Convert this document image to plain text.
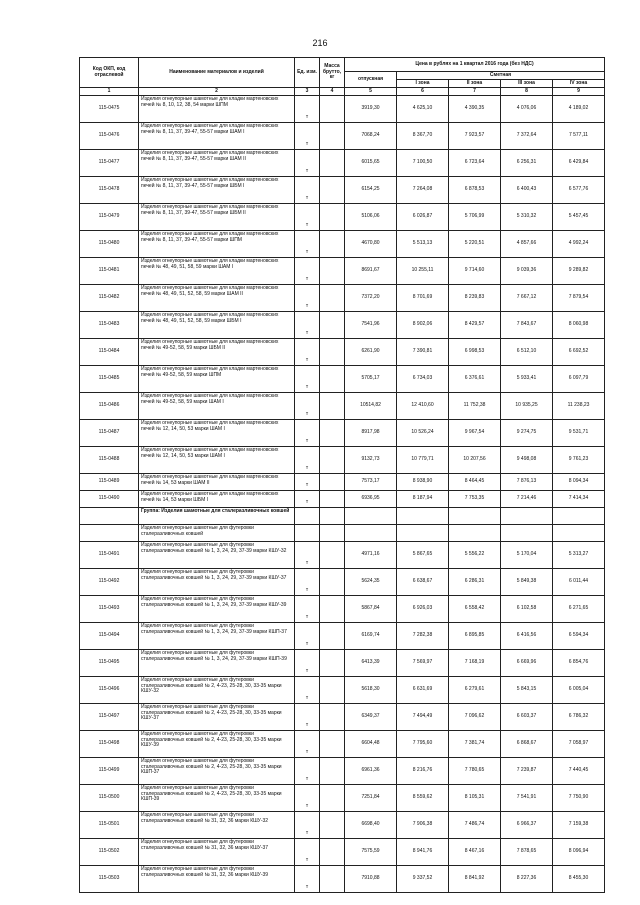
216
Код ОКП, код отраслевой	Наименование материалов и изделий	Ед. изм.	Масса брутто, кг	Цена в рублях на 1 квартал 2016 года (без НДС)				
				отпускная	Сметная			
					I зона	II зона	III зона	IV зона
1	2	3	4	5	6	7	8	9
115-0475	Изделия огнеупорные шамотные для кладки мартеновских печей № 8, 10, 12, 38, 54 марки ШПМ	т		3919,30	4 625,10	4 390,35	4 076,06	4 189,02
115-0476	Изделия огнеупорные шамотные для кладки мартеновских печей № 8, 11, 37, 39-47, 55-57 марки ШАМ I	т		7068,24	8 367,70	7 923,57	7 372,64	7 577,11
115-0477	Изделия огнеупорные шамотные для кладки мартеновских печей № 8, 11, 37, 39-47, 55-57 марки ШАМ II	т		6015,65	7 100,50	6 723,64	6 256,31	6 429,84
115-0478	Изделия огнеупорные шамотные для кладки мартеновских печей № 8, 11, 37, 39-47, 55-57 марки ШБМ I	т		6154,25	7 264,08	6 878,53	6 400,43	6 577,76
115-0479	Изделия огнеупорные шамотные для кладки мартеновских печей № 8, 11, 37, 39-47, 55-57 марки ШБМ II	т		5106,06	6 026,87	5 706,99	5 310,32	5 457,45
115-0480	Изделия огнеупорные шамотные для кладки мартеновских печей № 8, 11, 37, 39-47, 55-57 марки ШПМ	т		4670,80	5 513,13	5 220,51	4 857,66	4 992,24
115-0481	Изделия огнеупорные шамотные для кладки мартеновских печей № 48, 49, 51, 58, 59 марки ШАМ I	т		8691,67	10 255,11	9 714,60	9 039,36	9 289,82
115-0482	Изделия огнеупорные шамотные для кладки мартеновских печей № 48, 49, 51, 52, 58, 59 марки ШАМ II	т		7372,20	8 701,69	8 239,83	7 667,12	7 879,54
115-0483	Изделия огнеупорные шамотные для кладки мартеновских печей № 48, 49, 51, 52, 58, 59 марки ШБМ I	т		7541,96	8 902,06	8 429,57	7 843,67	8 060,98
115-0484	Изделия огнеупорные шамотные для кладки мартеновских печей № 49-52, 58, 59 марки ШБМ II	т		6261,90	7 390,81	6 998,53	6 512,10	6 692,52
115-0485	Изделия огнеупорные шамотные для кладки мартеновских печей № 49-52, 58, 59 марки ШПМ	т		5705,17	6 734,03	6 376,61	5 933,41	6 097,79
115-0486	Изделия огнеупорные шамотные для кладки мартеновских печей № 49-52, 58, 59 марки ШАМ I	т		10514,82	12 410,60	11 752,38	10 935,25	11 238,23
115-0487	Изделия огнеупорные шамотные для кладки мартеновских печей № 12, 14, 50, 53 марки ШАМ I	т		8917,98	10 526,24	9 967,54	9 274,75	9 531,71
115-0488	Изделия огнеупорные шамотные для кладки мартеновских печей № 12, 14, 50, 53 марки ШАМ I	т		9132,73	10 779,71	10 207,56	9 498,08	9 761,23
115-0489	Изделия огнеупорные шамотные для кладки мартеновских печей № 14, 53 марки ШАМ II	т		7573,17	8 938,90	8 464,45	7 876,13	8 094,34
115-0490	Изделия огнеупорные шамотные для кладки мартеновских печей № 14, 53 марки ШБМ I	т		6936,95	8 187,94	7 753,35	7 214,46	7 414,34
	Группа: Изделия шамотные для сталеразливочных ковшей							
	Изделия огнеупорные шамотные для футеровки сталеразливочных ковшей							
115-0491	Изделия огнеупорные шамотные для футеровки сталеразливочных ковшей № 1, 3, 24, 29, 37-39 марки КШУ-32	т		4971,16	5 867,65	5 556,22	5 170,04	5 313,27
115-0492	Изделия огнеупорные шамотные для футеровки сталеразливочных ковшей № 1, 3, 24, 29, 37-39 марки КШУ-37	т		5624,35	6 638,67	6 286,31	5 849,38	6 011,44
115-0493	Изделия огнеупорные шамотные для футеровки сталеразливочных ковшей № 1, 3, 24, 29, 37-39 марки КШУ-39	т		5867,84	6 926,03	6 558,42	6 102,58	6 271,65
115-0494	Изделия огнеупорные шамотные для футеровки сталеразливочных ковшей № 1, 3, 24, 29, 37-39 марки КШП-37	т		6169,74	7 282,38	6 895,85	6 416,56	6 594,34
115-0495	Изделия огнеупорные шамотные для футеровки сталеразливочных ковшей № 1, 3, 24, 29, 37-39 марки КШП-39	т		6413,39	7 569,97	7 168,19	6 669,96	6 854,76
115-0496	Изделия огнеупорные шамотные для футеровки сталеразливочных ковшей № 2, 4-23, 25-28, 30, 33-35 марки КШУ-32	т		5618,30	6 631,69	6 279,61	5 843,15	6 005,04
115-0497	Изделия огнеупорные шамотные для футеровки сталеразливочных ковшей № 2, 4-23, 25-28, 30, 33-35 марки КШУ-37	т		6349,37	7 494,49	7 096,62	6 603,37	6 786,32
115-0498	Изделия огнеупорные шамотные для футеровки сталеразливочных ковшей № 2, 4-23, 25-28, 30, 33-35 марки КШУ-39	т		6604,48	7 795,60	7 381,74	6 868,67	7 058,97
115-0499	Изделия огнеупорные шамотные для футеровки сталеразливочных ковшей № 2, 4-23, 25-28, 30, 33-35 марки КШП-37	т		6961,36	8 216,76	7 780,65	7 239,87	7 440,45
115-0500	Изделия огнеупорные шамотные для футеровки сталеразливочных ковшей № 2, 4-23, 25-28, 30, 33-35 марки КШП-39	т		7251,84	8 559,62	8 105,31	7 541,91	7 750,90
115-0501	Изделия огнеупорные шамотные для футеровки сталеразливочных ковшей № 31, 32, 36 марки КШУ-32	т		6698,40	7 906,38	7 486,74	6 966,37	7 159,38
115-0502	Изделия огнеупорные шамотные для футеровки сталеразливочных ковшей № 31, 32, 36 марки КШУ-37	т		7575,59	8 941,76	8 467,16	7 878,65	8 096,94
115-0503	Изделия огнеупорные шамотные для футеровки сталеразливочных ковшей № 31, 32, 36 марки КШУ-39	т		7910,88	9 337,52	8 841,92	8 227,36	8 455,30
